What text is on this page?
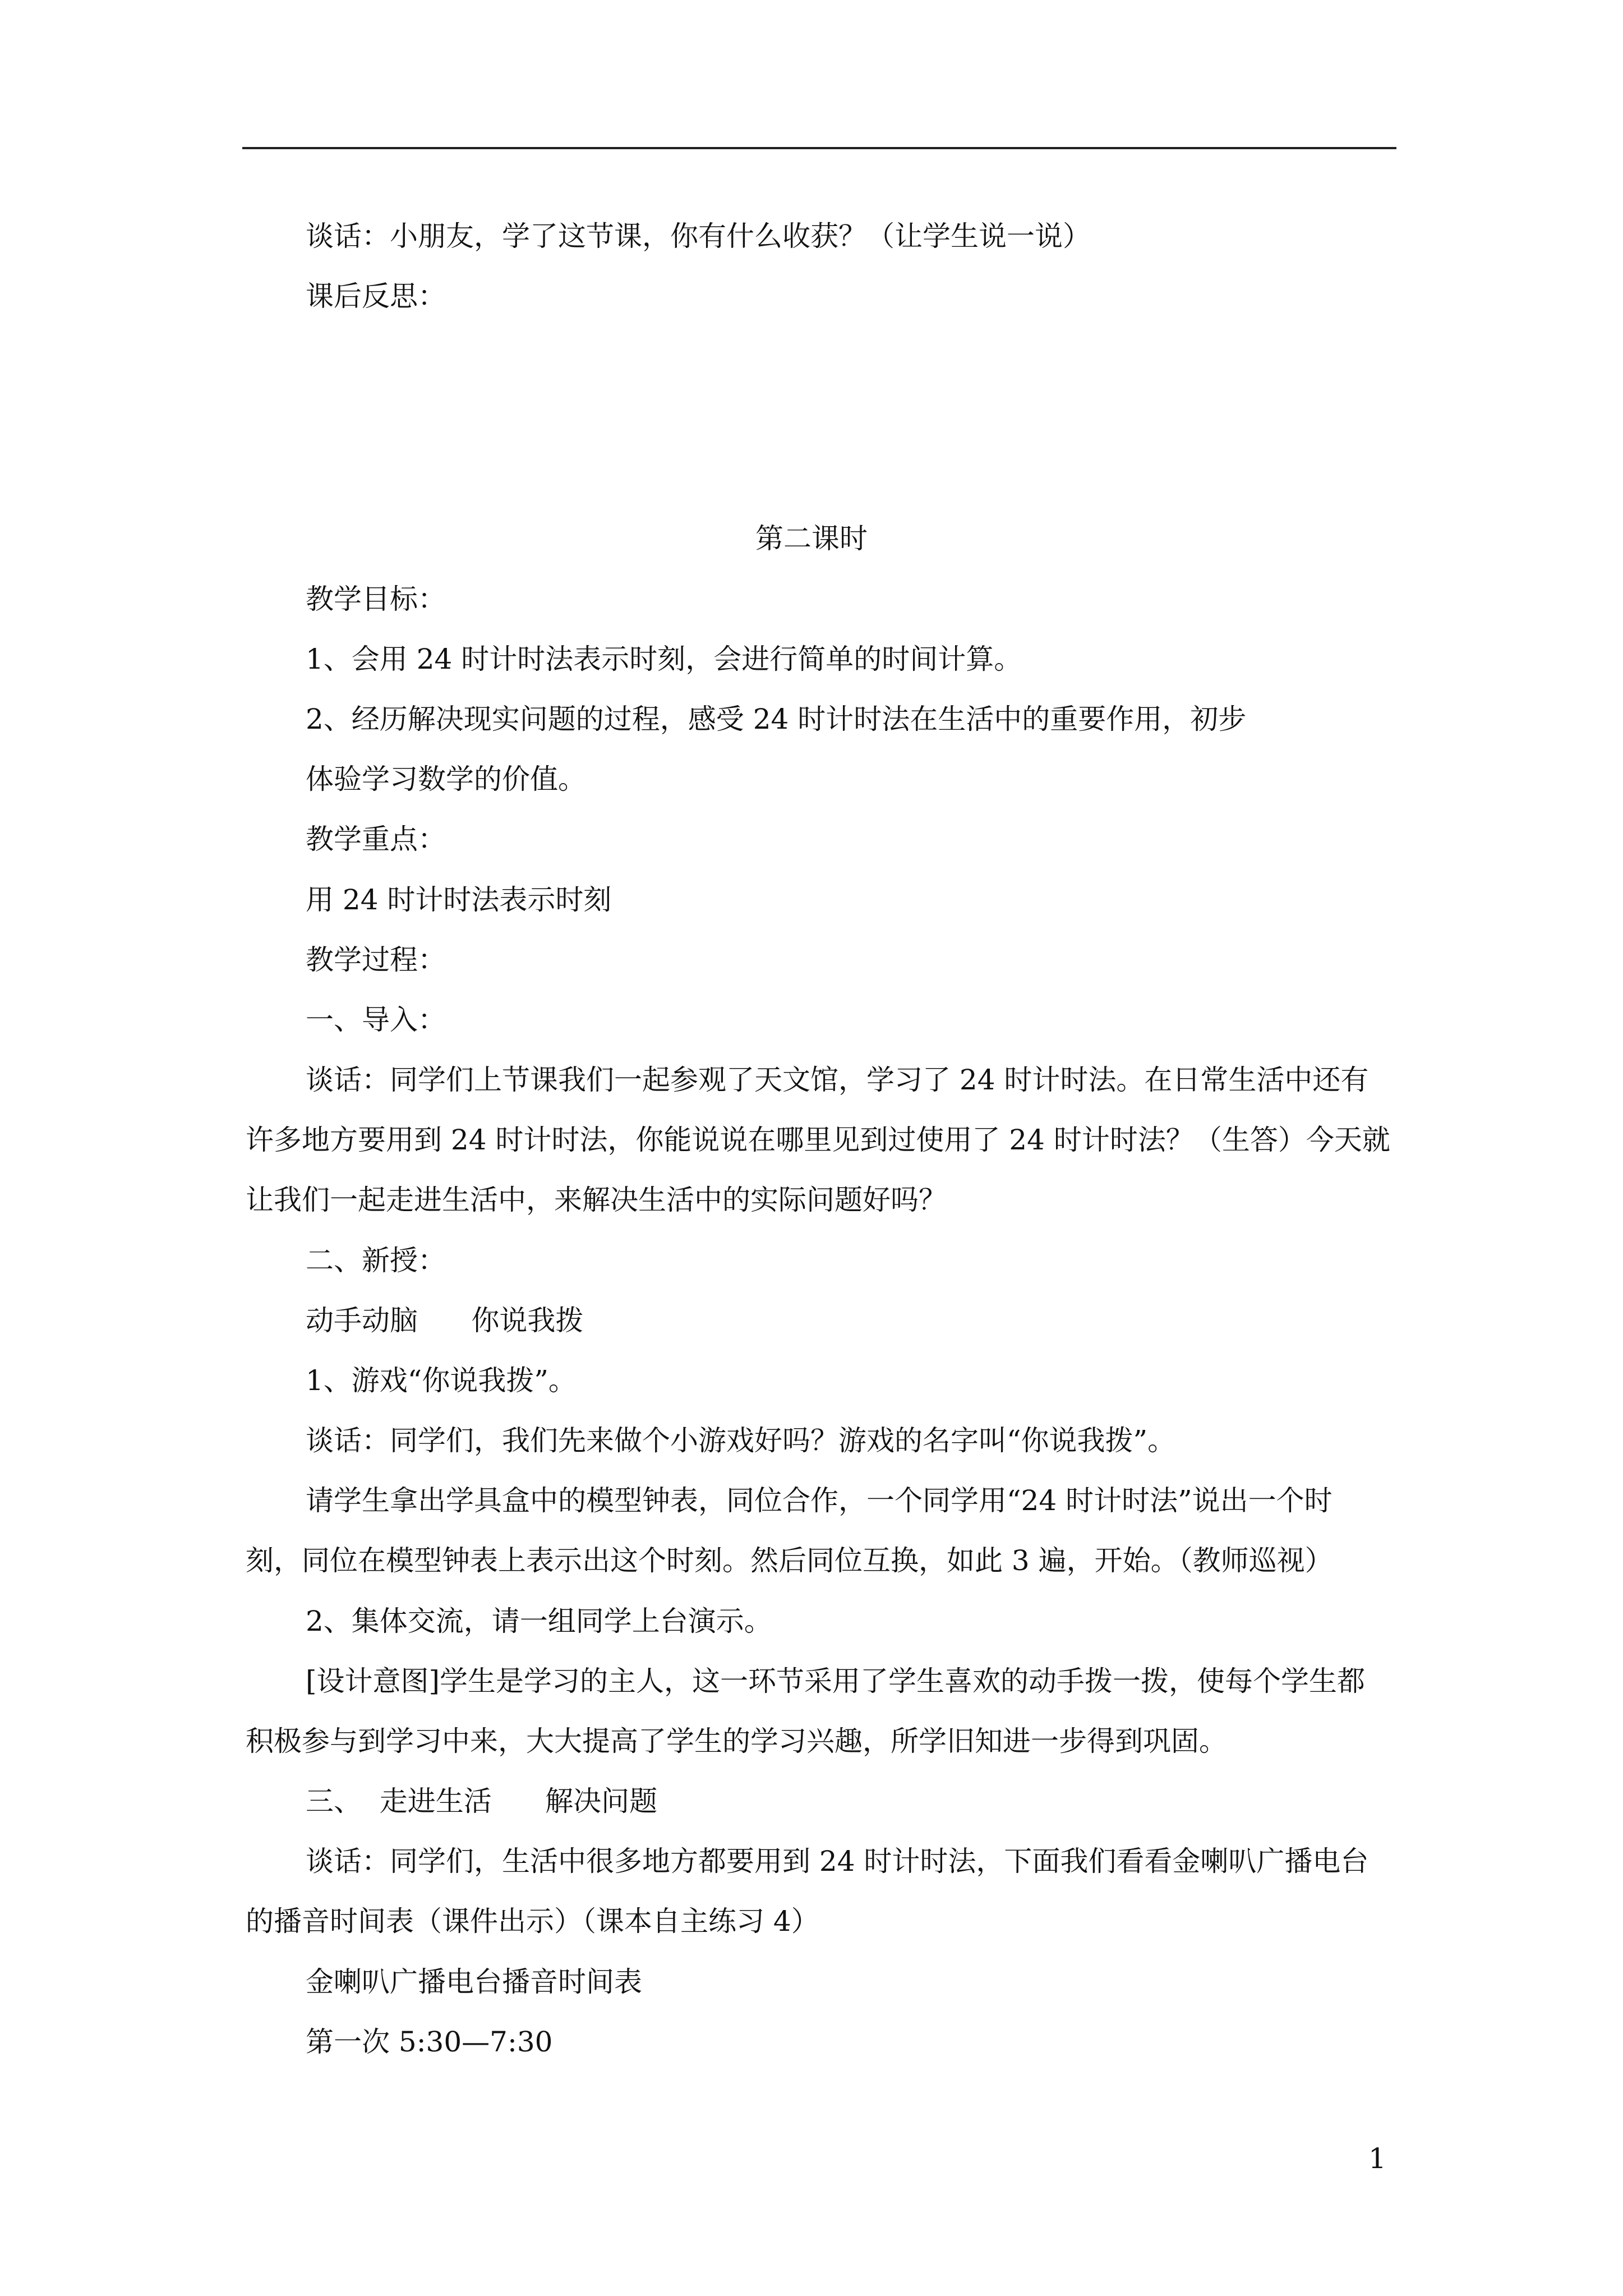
谈话：小朋友，学了这节课，你有什么收获？（让学生说一说）
课后反思：
第二课时
教学目标：
1、会用 24 时计时法表示时刻，会进行简单的时间计算。
2、经历解决现实问题的过程，感受 24 时计时法在生活中的重要作用，初步
体验学习数学的价值。
教学重点：
用 24 时计时法表示时刻
教学过程：
一、导入：
谈话：同学们上节课我们一起参观了天文馆，学习了 24 时计时法。在日常生活中还有
许多地方要用到 24 时计时法，你能说说在哪里见到过使用了 24 时计时法？（生答）今天就
让我们一起走进生活中，来解决生活中的实际问题好吗？
二、新授：
动手动脑      你说我拨
1、游戏“你说我拨”。
谈话：同学们，我们先来做个小游戏好吗？游戏的名字叫“你说我拨”。
请学生拿出学具盒中的模型钟表，同位合作，一个同学用“24 时计时法”说出一个时
刻，同位在模型钟表上表示出这个时刻。然后同位互换，如此 3 遍，开始。（教师巡视）
2、集体交流，请一组同学上台演示。
[设计意图]学生是学习的主人，这一环节采用了学生喜欢的动手拨一拨，使每个学生都
积极参与到学习中来，大大提高了学生的学习兴趣，所学旧知进一步得到巩固。
三、  走进生活      解决问题
谈话：同学们，生活中很多地方都要用到 24 时计时法，下面我们看看金喇叭广播电台
的播音时间表（课件出示）（课本自主练习 4）
金喇叭广播电台播音时间表
第一次 5:30—7:30
1
